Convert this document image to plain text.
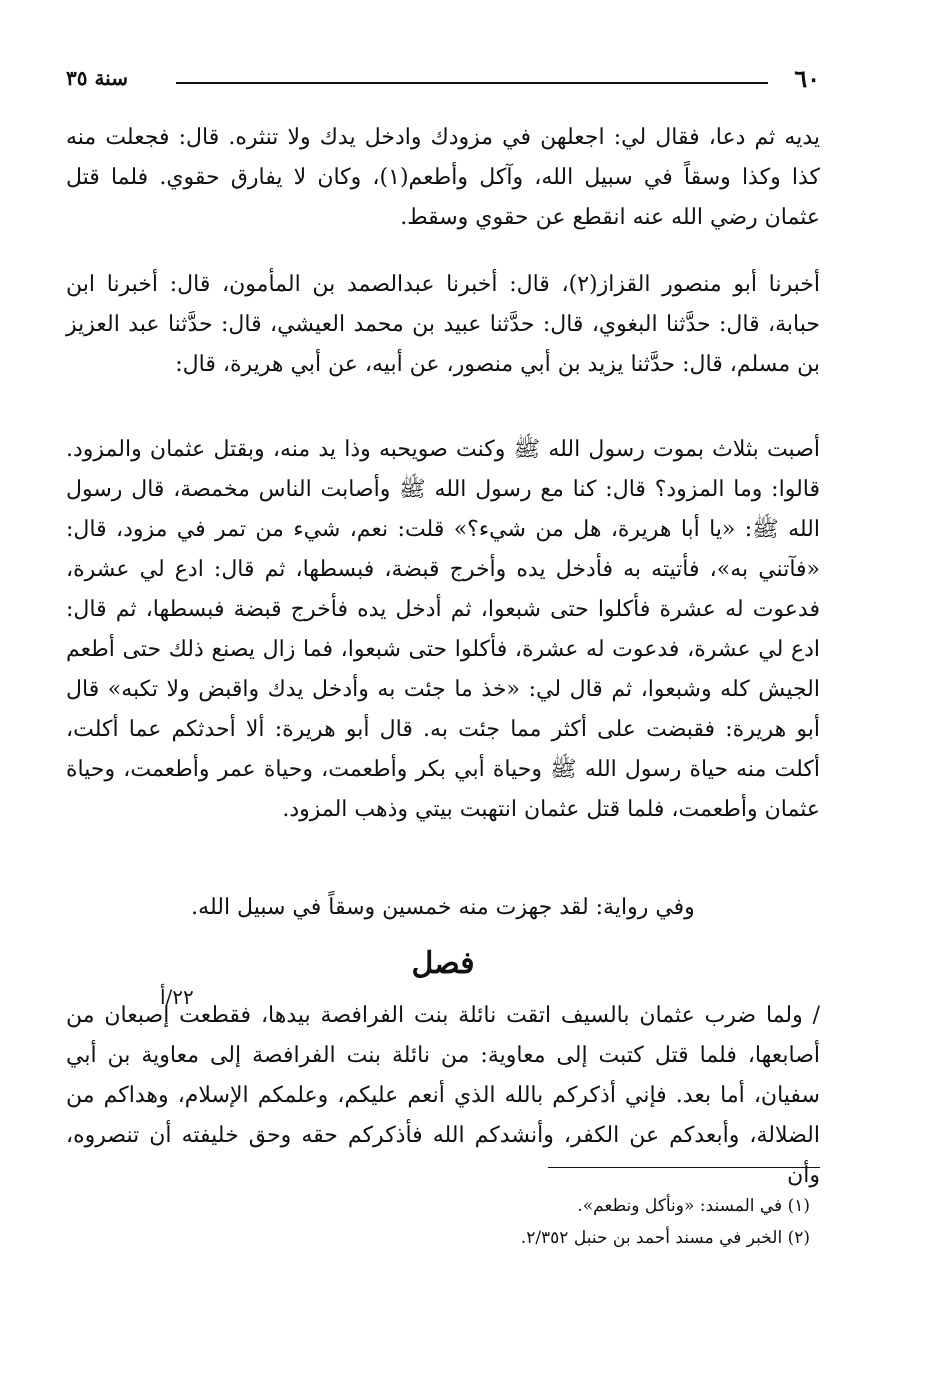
٦٠
سنة ٣٥

يديه ثم دعا، فقال لي: اجعلهن في مزودك وادخل يدك ولا تنثره. قال: فجعلت منه كذا وكذا وسقاً في سبيل الله، وآكل وأطعم(١)، وكان لا يفارق حقوي. فلما قتل عثمان رضي الله عنه انقطع عن حقوي وسقط.

أخبرنا أبو منصور القزاز(٢)، قال: أخبرنا عبدالصمد بن المأمون، قال: أخبرنا ابن حبابة، قال: حدَّثنا البغوي، قال: حدَّثنا عبيد بن محمد العيشي، قال: حدَّثنا عبد العزيز بن مسلم، قال: حدَّثنا يزيد بن أبي منصور، عن أبيه، عن أبي هريرة، قال:

أصبت بثلاث بموت رسول الله ﷺ وكنت صويحبه وذا يد منه، وبقتل عثمان والمزود. قالوا: وما المزود؟ قال: كنا مع رسول الله ﷺ وأصابت الناس مخمصة، قال رسول الله ﷺ: «يا أبا هريرة، هل من شيء؟» قلت: نعم، شيء من تمر في مزود، قال: «فآتني به»، فأتيته به فأدخل يده وأخرج قبضة، فبسطها، ثم قال: ادع لي عشرة، فدعوت له عشرة فأكلوا حتى شبعوا، ثم أدخل يده فأخرج قبضة فبسطها، ثم قال: ادع لي عشرة، فدعوت له عشرة، فأكلوا حتى شبعوا، فما زال يصنع ذلك حتى أطعم الجيش كله وشبعوا، ثم قال لي: «خذ ما جئت به وأدخل يدك واقبض ولا تكبه» قال أبو هريرة: فقبضت على أكثر مما جئت به. قال أبو هريرة: ألا أحدثكم عما أكلت، أكلت منه حياة رسول الله ﷺ وحياة أبي بكر وأطعمت، وحياة عمر وأطعمت، وحياة عثمان وأطعمت، فلما قتل عثمان انتهبت بيتي وذهب المزود.

وفي رواية: لقد جهزت منه خمسين وسقاً في سبيل الله.

فصل

/ ولما ضرب عثمان بالسيف اتقت نائلة بنت الفرافصة بيدها، فقطعت إصبعان من أصابعها، فلما قتل كتبت إلى معاوية: من نائلة بنت الفرافصة إلى معاوية بن أبي سفيان، أما بعد. فإني أذكركم بالله الذي أنعم عليكم، وعلمكم الإسلام، وهداكم من الضلالة، وأبعدكم عن الكفر، وأنشدكم الله فأذكركم حقه وحق خليفته أن تنصروه، وأن

٢٢/أ

(١) في المسند: «ونأكل ونطعم».

(٢) الخبر في مسند أحمد بن حنبل ٢/٣٥٢.
